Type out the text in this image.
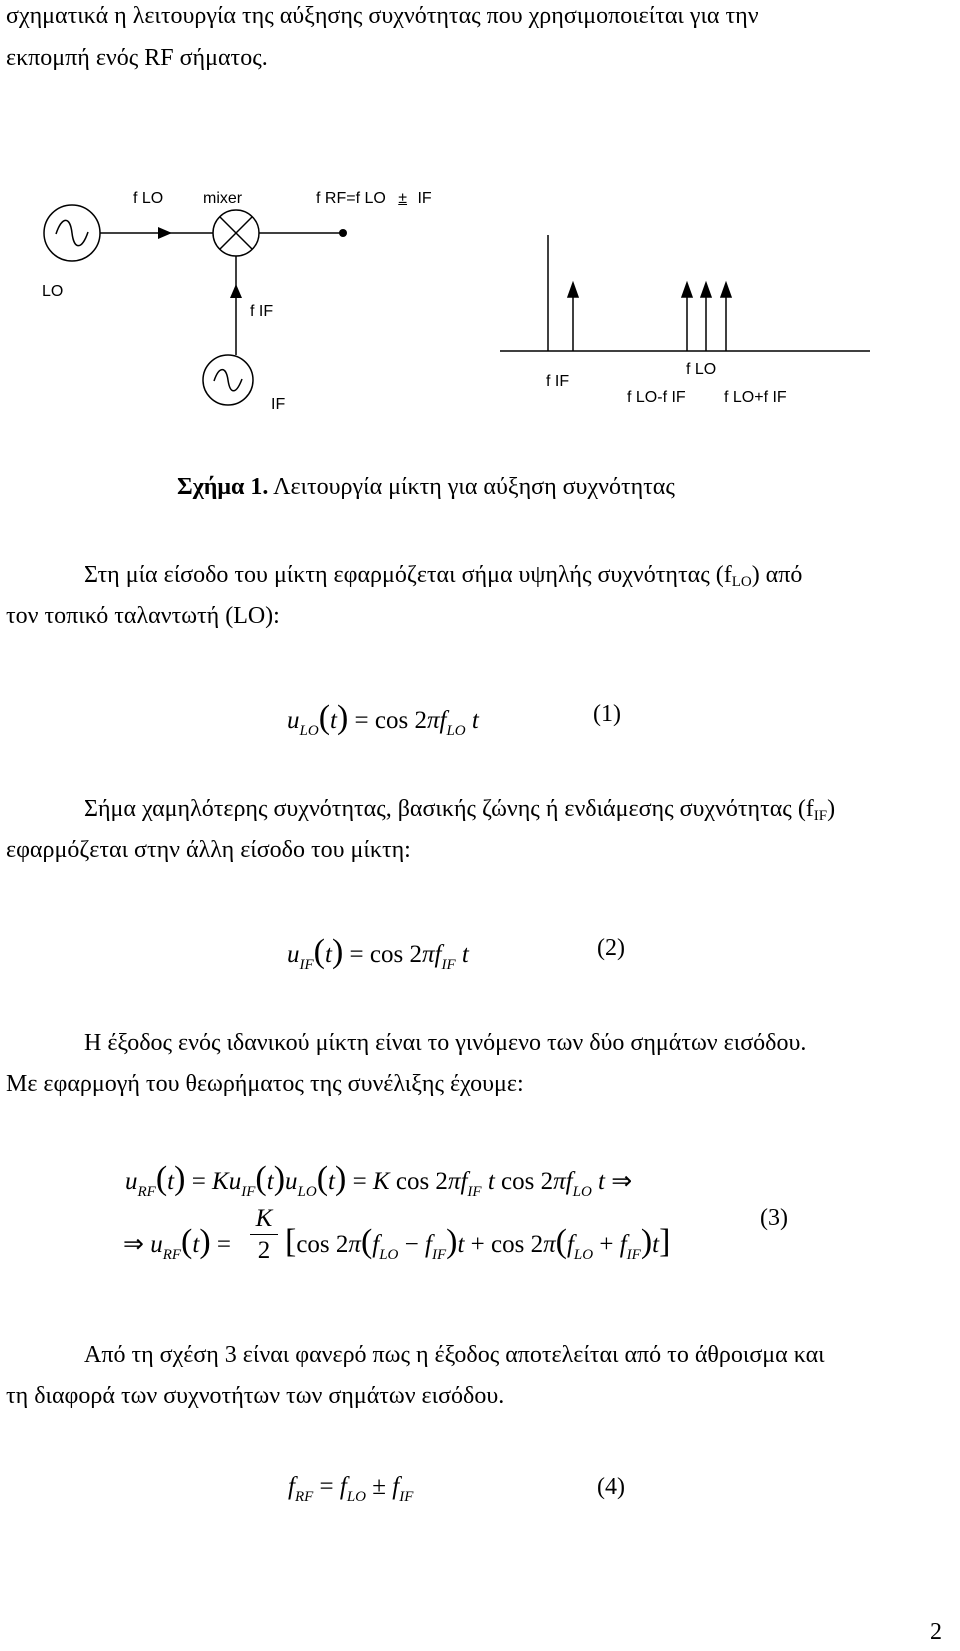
σχηματικά η λειτουργία της αύξησης συχνότητας που χρησιμοποιείται για την
εκπομπή ενός RF σήματος.
f LO mixer	f RF=f LO ± IF
LO
f IF
IF
f IF
f LO
f LO-f IF f LO+f IF
Σχήμα 1. Λειτουργία μίκτη για αύξηση συχνότητας
Στη μία είσοδο του μίκτη εφαρμόζεται σήμα υψηλής συχνότητας (fLO) από
τον τοπικό ταλαντωτή (LO):
$u_{LO}(t) = \cos 2\pi f_{LO}$ t	(1)
Σήμα χαμηλότερης συχνότητας, βασικής ζώνης ή ενδιάμεσης συχνότητας (fIF)
εφαρμόζεται στην άλλη είσοδο του μίκτη:
$u_{IF}(t) = \cos 2\pi f_{IF}$ t	(2)
Η έξοδος ενός ιδανικού μίκτη είναι το γινόμενο των δύο σημάτων εισόδου.
Με εφαρμογή του θεωρήματος της συνέλιξης έχουμε:
$u_{RF}(t) = Ku_{IF}(t)u_{LO}(t) = K$ $\cos 2\pi f_{IF}$ t $\cos 2\pi f_{LO}$ t ⇒
⇒ $u_{RF}(t)$ =
K
2 [cos $2\pi(f_{LO} - f_{IF})t + \cos 2\pi(f_{LO} + f_{IF})t$]
(3)
Από τη σχέση 3 είναι φανερό πως η έξοδος αποτελείται από το άθροισμα και
τη διαφορά των συχνοτήτων των σημάτων εισόδου.
$f_{RF} = f_{LO} \pm f_{IF}$	(4)
2
